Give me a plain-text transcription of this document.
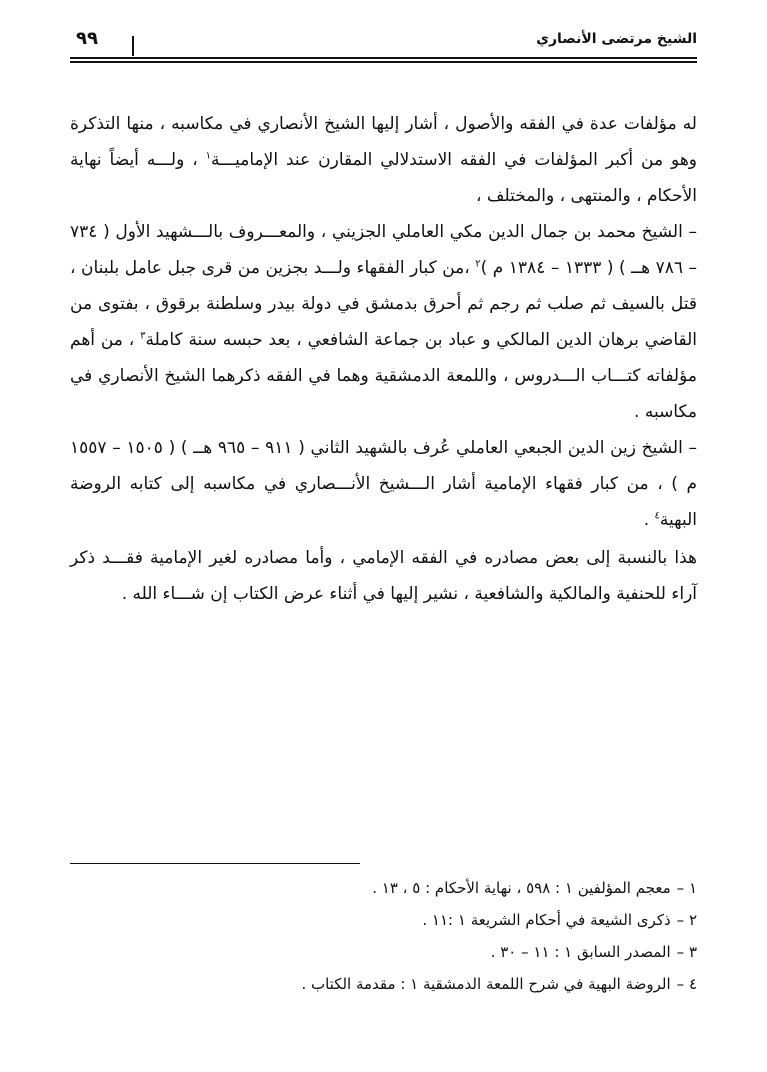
الشيخ مرتضى الأنصاري
٩٩

له مؤلفات عدة في الفقه والأصول ، أشار إليها الشيخ الأنصاري في مكاسبه ، منها التذكرة وهو من أكبر المؤلفات في الفقه الاستدلالي المقارن عند الإماميـــة$^١$ ، ولـــه أيضاً نهاية الأحكام ، والمنتهى ، والمختلف ،

– الشيخ محمد بن جمال الدين مكي العاملي الجزيني ، والمعـــروف بالـــشهيد الأول ( ٧٣٤ – ٧٨٦ هــ ) ( ١٣٣٣ – ١٣٨٤ م )$^٢$ ،من كبار الفقهاء ولـــد بجزين من قرى جبل عامل بلبنان ، قتل بالسيف ثم صلب ثم رجم ثم أحرق بدمشق في دولة بيدر وسلطنة برقوق ، بفتوى من القاضي برهان الدين المالكي و عباد بن جماعة الشافعي ، بعد حبسه سنة كاملة$^٣$ ، من أهم مؤلفاته كتـــاب الـــدروس ، واللمعة الدمشقية وهما في الفقه ذكرهما الشيخ الأنصاري في مكاسبه .

– الشيخ زين الدين الجبعي العاملي عُرف بالشهيد الثاني ( ٩١١ – ٩٦٥ هــ ) ( ١٥٠٥ – ١٥٥٧ م ) ، من كبار فقهاء الإمامية أشار الـــشيخ الأنـــصاري في مكاسبه إلى كتابه الروضة البهية$^٤$ .

هذا بالنسبة إلى بعض مصادره في الفقه الإمامي ، وأما مصادره لغير الإمامية فقـــد ذكر آراء للحنفية والمالكية والشافعية ، نشير إليها في أثناء عرض الكتاب إن شـــاء الله .

١ –معجم المؤلفين ١ : ٥٩٨ ، نهاية الأحكام : ٥ ، ١٣ .

٢ –ذكرى الشيعة في أحكام الشريعة ١ :١١ .

٣ –المصدر السابق ١ : ١١ – ٣٠ .

٤ –الروضة البهية في شرح اللمعة الدمشقية ١ : مقدمة الكتاب .
